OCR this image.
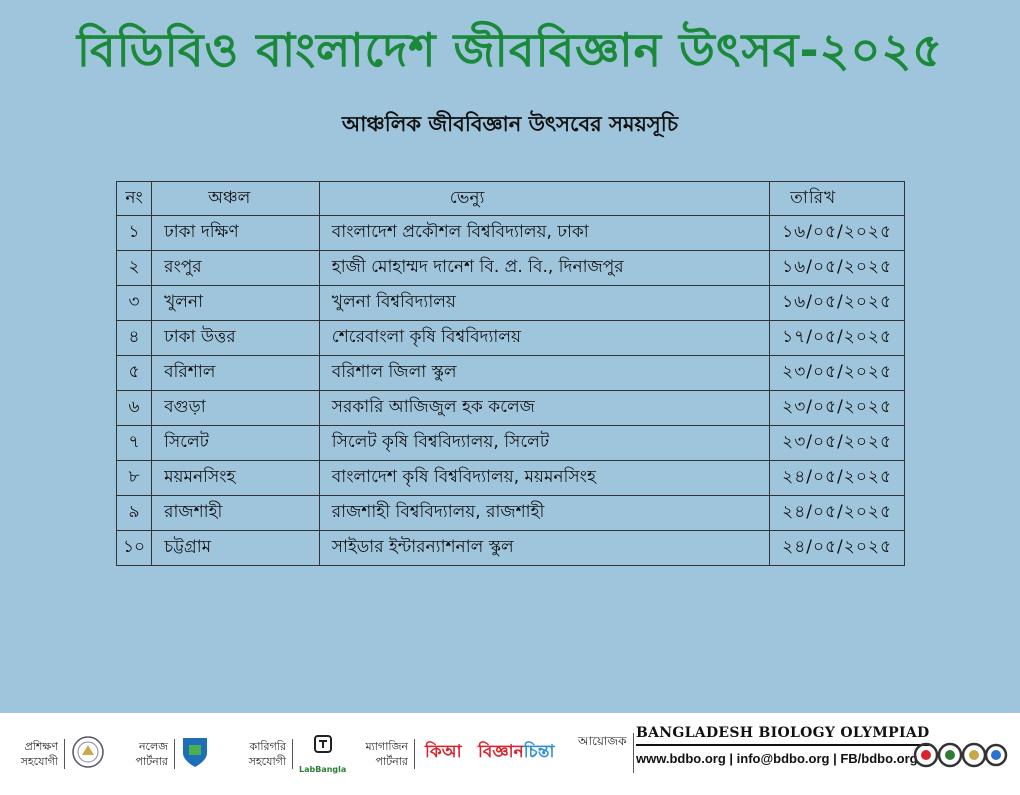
বিডিবিও বাংলাদেশ জীববিজ্ঞান উৎসব-২০২৫
আঞ্চলিক জীববিজ্ঞান উৎসবের সময়সূচি
নং	অঞ্চল	ভেন্যু	তারিখ
১	ঢাকা দক্ষিণ	বাংলাদেশ প্রকৌশল বিশ্ববিদ্যালয়, ঢাকা	১৬/০৫/২০২৫
২	রংপুর	হাজী মোহাম্মদ দানেশ বি. প্র. বি., দিনাজপুর	১৬/০৫/২০২৫
৩	খুলনা	খুলনা বিশ্ববিদ্যালয়	১৬/০৫/২০২৫
৪	ঢাকা উত্তর	শেরেবাংলা কৃষি বিশ্ববিদ্যালয়	১৭/০৫/২০২৫
৫	বরিশাল	বরিশাল জিলা স্কুল	২৩/০৫/২০২৫
৬	বগুড়া	সরকারি আজিজুল হক কলেজ	২৩/০৫/২০২৫
৭	সিলেট	সিলেট কৃষি বিশ্ববিদ্যালয়, সিলেট	২৩/০৫/২০২৫
৮	ময়মনসিংহ	বাংলাদেশ কৃষি বিশ্ববিদ্যালয়, ময়মনসিংহ	২৪/০৫/২০২৫
৯	রাজশাহী	রাজশাহী বিশ্ববিদ্যালয়, রাজশাহী	২৪/০৫/২০২৫
১০	চট্টগ্রাম	সাইডার ইন্টারন্যাশনাল স্কুল	২৪/০৫/২০২৫
প্রশিক্ষণ সহযোগী
নলেজ পার্টনার
কারিগরি সহযোগী
LabBangla
ম্যাগাজিন পার্টনার	কিআ বিজ্ঞানচিন্তা
আয়োজক BANGLADESH BIOLOGY OLYMPIAD
www.bdbo.org | info@bdbo.org | FB/bdbo.org
